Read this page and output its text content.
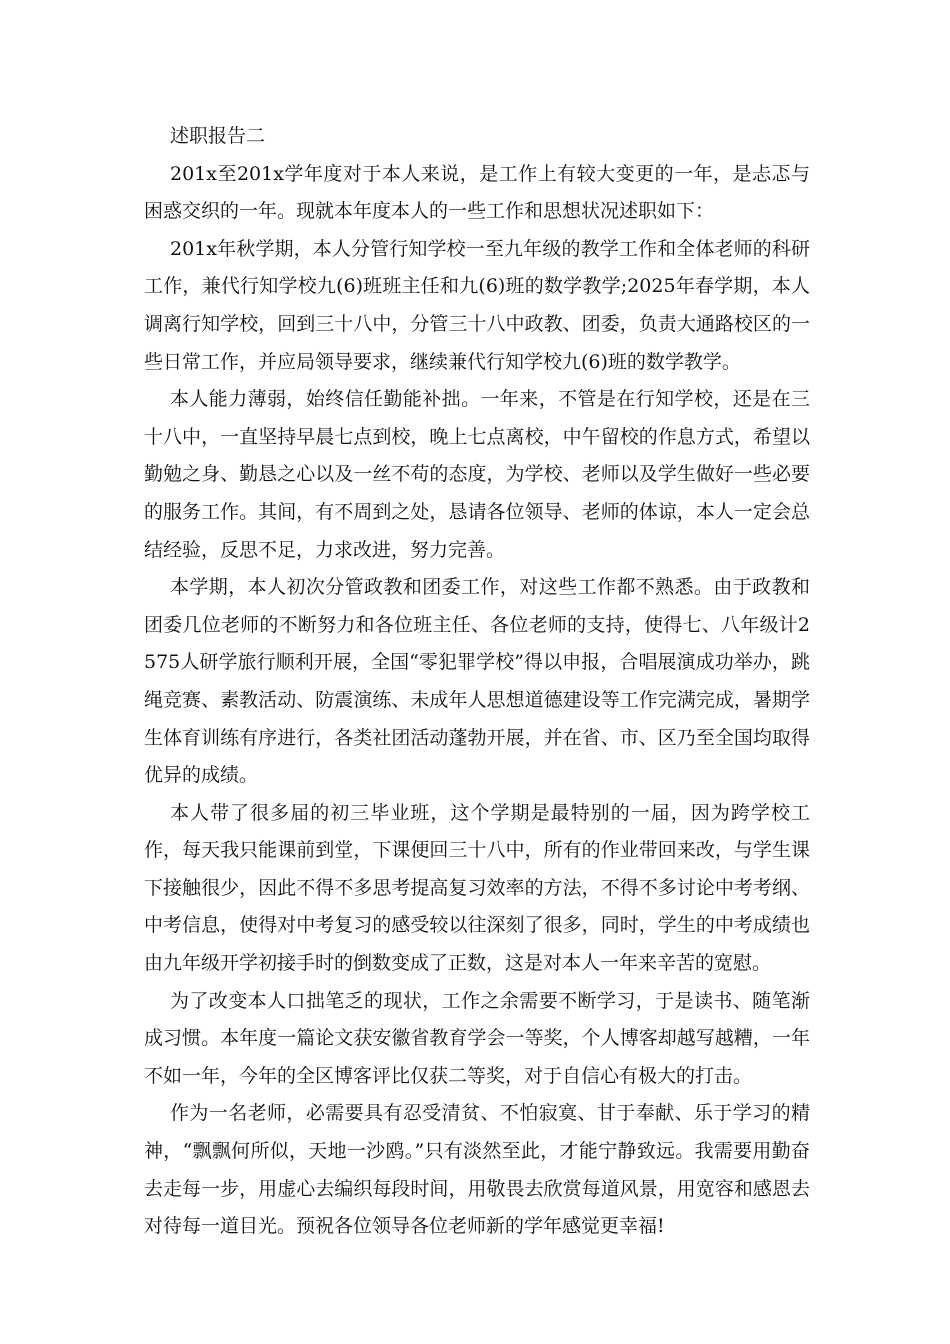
述职报告二

201x至201x学年度对于本人来说，是工作上有较大变更的一年，是忐忑与困惑交织的一年。现就本年度本人的一些工作和思想状况述职如下：

201x年秋学期，本人分管行知学校一至九年级的教学工作和全体老师的科研工作，兼代行知学校九(6)班班主任和九(6)班的数学教学;2025年春学期，本人调离行知学校，回到三十八中，分管三十八中政教、团委，负责大通路校区的一些日常工作，并应局领导要求，继续兼代行知学校九(6)班的数学教学。

本人能力薄弱，始终信任勤能补拙。一年来，不管是在行知学校，还是在三十八中，一直坚持早晨七点到校，晚上七点离校，中午留校的作息方式，希望以勤勉之身、勤恳之心以及一丝不苟的态度，为学校、老师以及学生做好一些必要的服务工作。其间，有不周到之处，恳请各位领导、老师的体谅，本人一定会总结经验，反思不足，力求改进，努力完善。

本学期，本人初次分管政教和团委工作，对这些工作都不熟悉。由于政教和团委几位老师的不断努力和各位班主任、各位老师的支持，使得七、八年级计2575人研学旅行顺利开展，全国“零犯罪学校”得以申报，合唱展演成功举办，跳绳竞赛、素教活动、防震演练、未成年人思想道德建设等工作完满完成，暑期学生体育训练有序进行，各类社团活动蓬勃开展，并在省、市、区乃至全国均取得优异的成绩。

本人带了很多届的初三毕业班，这个学期是最特别的一届，因为跨学校工作，每天我只能课前到堂，下课便回三十八中，所有的作业带回来改，与学生课下接触很少，因此不得不多思考提高复习效率的方法，不得不多讨论中考考纲、中考信息，使得对中考复习的感受较以往深刻了很多，同时，学生的中考成绩也由九年级开学初接手时的倒数变成了正数，这是对本人一年来辛苦的宽慰。

为了改变本人口拙笔乏的现状，工作之余需要不断学习，于是读书、随笔渐成习惯。本年度一篇论文获安徽省教育学会一等奖，个人博客却越写越糟，一年不如一年，今年的全区博客评比仅获二等奖，对于自信心有极大的打击。

作为一名老师，必需要具有忍受清贫、不怕寂寞、甘于奉献、乐于学习的精神，“飘飘何所似，天地一沙鸥。”只有淡然至此，才能宁静致远。我需要用勤奋去走每一步，用虚心去编织每段时间，用敬畏去欣赏每道风景，用宽容和感恩去对待每一道目光。预祝各位领导各位老师新的学年感觉更幸福!
